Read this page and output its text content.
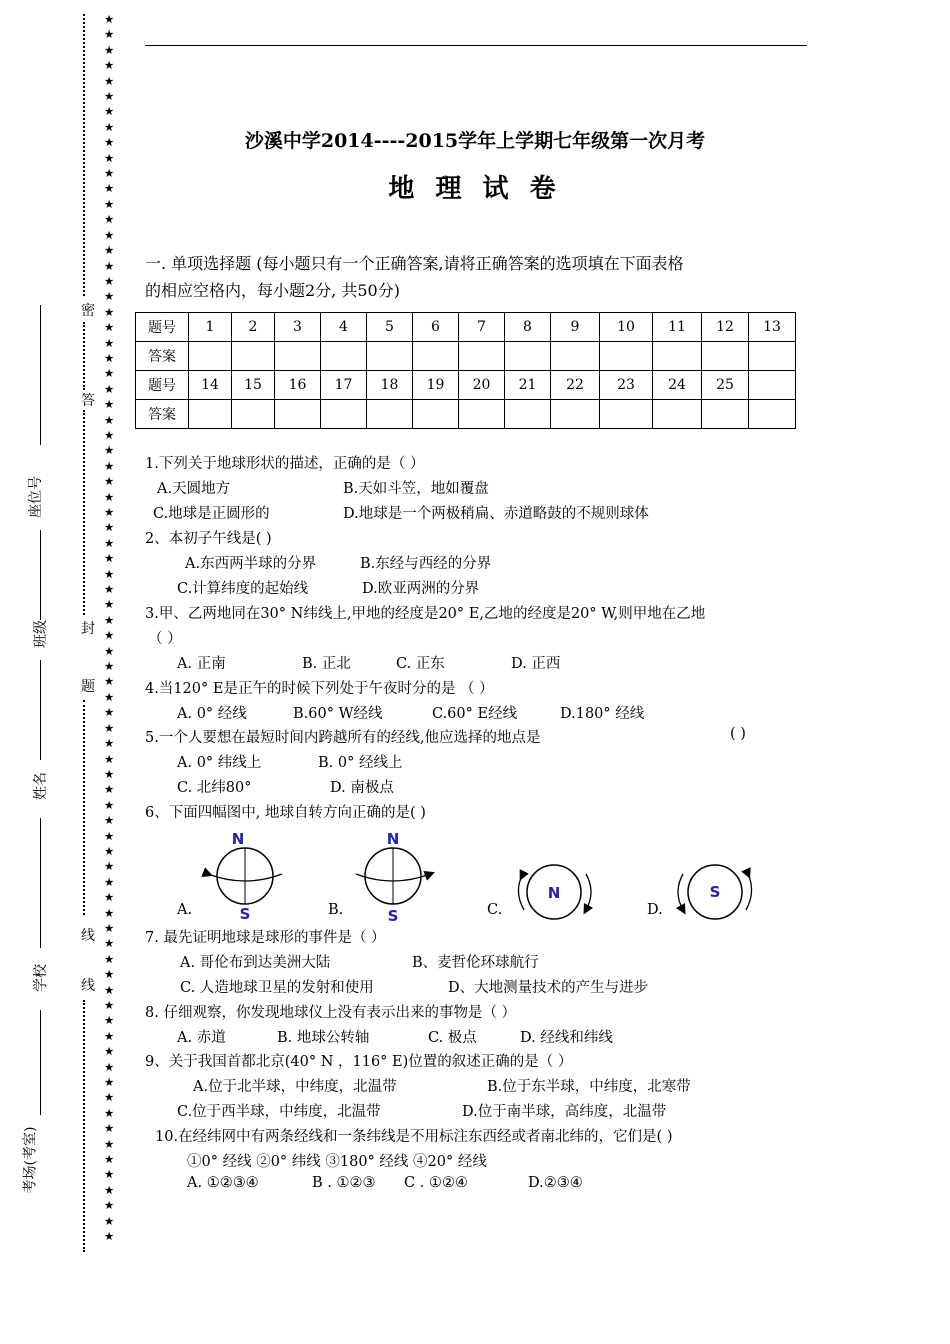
密
答
封
题
线
线
★
★
★
★
★
★
★
★
★
★
★
★
★
★
★
★
★
★
★
★
★
★
★
★
★
★
★
★
★
★
★
★
★
★
★
★
★
★
★
★
★
★
★
★
★
★
★
★
★
★
★
★
★
★
★
★
★
★
★
★
★
★
★
★
★
★
★
★
★
★
★
★
★
★
★
★
★
★
★
★

座位号
班级
姓名
学校
考场(考室)
沙溪中学2014----2015学年上学期七年级第一次月考
地 理 试 卷
一. 单项选择题 (每小题只有一个正确答案,请将正确答案的选项填在下面表格
的相应空格内，每小题2分, 共50分)
题号	1	2	3	4	5	6	7	8	9	10	11	12	13
答案													
题号	14	15	16	17	18	19	20	21	22	23	24	25	
答案													
1.下列关于地球形状的描述，正确的是（ ）
A.天圆地方	B.天如斗笠，地如覆盘
C.地球是正圆形的	D.地球是一个两极稍扁、赤道略鼓的不规则球体
2、本初子午线是( )
A.东西两半球的分界	B.东经与西经的分界
C.计算纬度的起始线	D.欧亚两洲的分界
3.甲、乙两地同在30° N纬线上,甲地的经度是20° E,乙地的经度是20° W,则甲地在乙地
（ ）
A. 正南	B. 正北	C. 正东	D. 正西
4.当120° E是正午的时候下列处于午夜时分的是 （ ）
A. 0° 经线	B.60° W经线	C.60° E经线	D.180° 经线
5.一个人要想在最短时间内跨越所有的经线,他应选择的地点是	( )
A. 0° 纬线上	B. 0° 经线上
C. 北纬80°	D. 南极点
6、下面四幅图中, 地球自转方向正确的是( )
N
S
N
S
N	S
A.	B.	C.	D.
7. 最先证明地球是球形的事件是（ ）
A. 哥伦布到达美洲大陆	B、麦哲伦环球航行
C. 人造地球卫星的发射和使用	D、大地测量技术的产生与进步
8. 仔细观察，你发现地球仪上没有表示出来的事物是（ ）
A. 赤道	B. 地球公转轴	C. 极点	D. 经线和纬线
9、关于我国首都北京(40° N ，116° E)位置的叙述正确的是（ ）
A.位于北半球，中纬度，北温带	B.位于东半球，中纬度，北寒带
C.位于西半球，中纬度，北温带	D.位于南半球，高纬度，北温带
10.在经纬网中有两条经线和一条纬线是不用标注东西经或者南北纬的，它们是( )
①0° 经线 ②0° 纬线 ③180° 经线 ④20° 经线
A. ①②③④	B . ①②③ C . ①②④	D.②③④
